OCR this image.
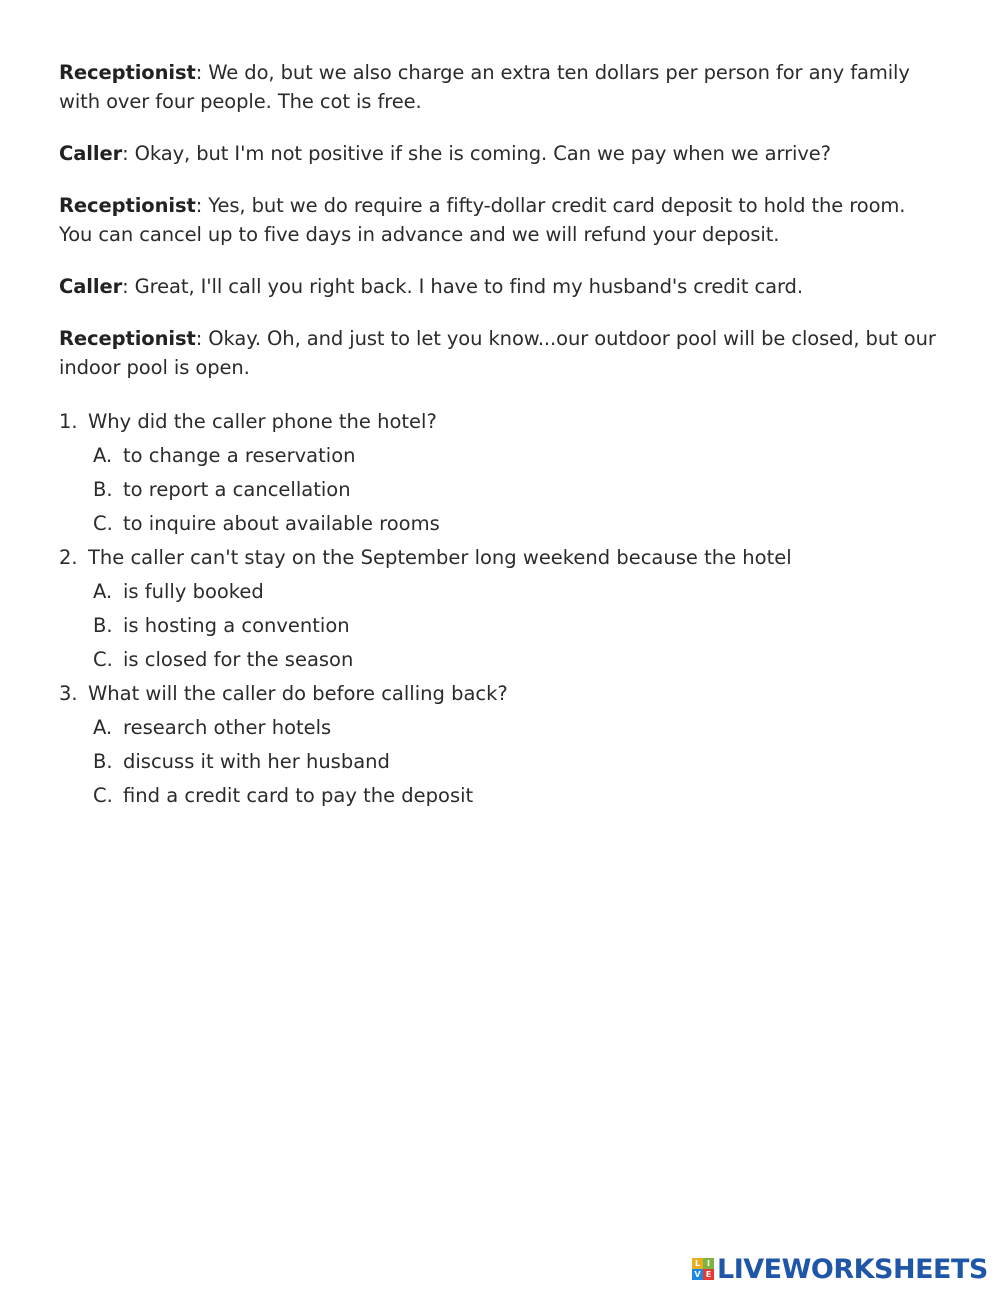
Receptionist: We do, but we also charge an extra ten dollars per person for any family with over four people. The cot is free.

Caller: Okay, but I'm not positive if she is coming. Can we pay when we arrive?

Receptionist: Yes, but we do require a fifty-dollar credit card deposit to hold the room. You can cancel up to five days in advance and we will refund your deposit.

Caller: Great, I'll call you right back. I have to find my husband's credit card.

Receptionist: Okay. Oh, and just to let you know...our outdoor pool will be closed, but our indoor pool is open.

1. Why did the caller phone the hotel?
A. to change a reservation
B. to report a cancellation
C. to inquire about available rooms
2. The caller can't stay on the September long weekend because the hotel
A. is fully booked
B. is hosting a convention
C. is closed for the season
3. What will the caller do before calling back?
A. research other hotels
B. discuss it with her husband
C. find a credit card to pay the deposit
L I
V E LIVEWORKSHEETS
